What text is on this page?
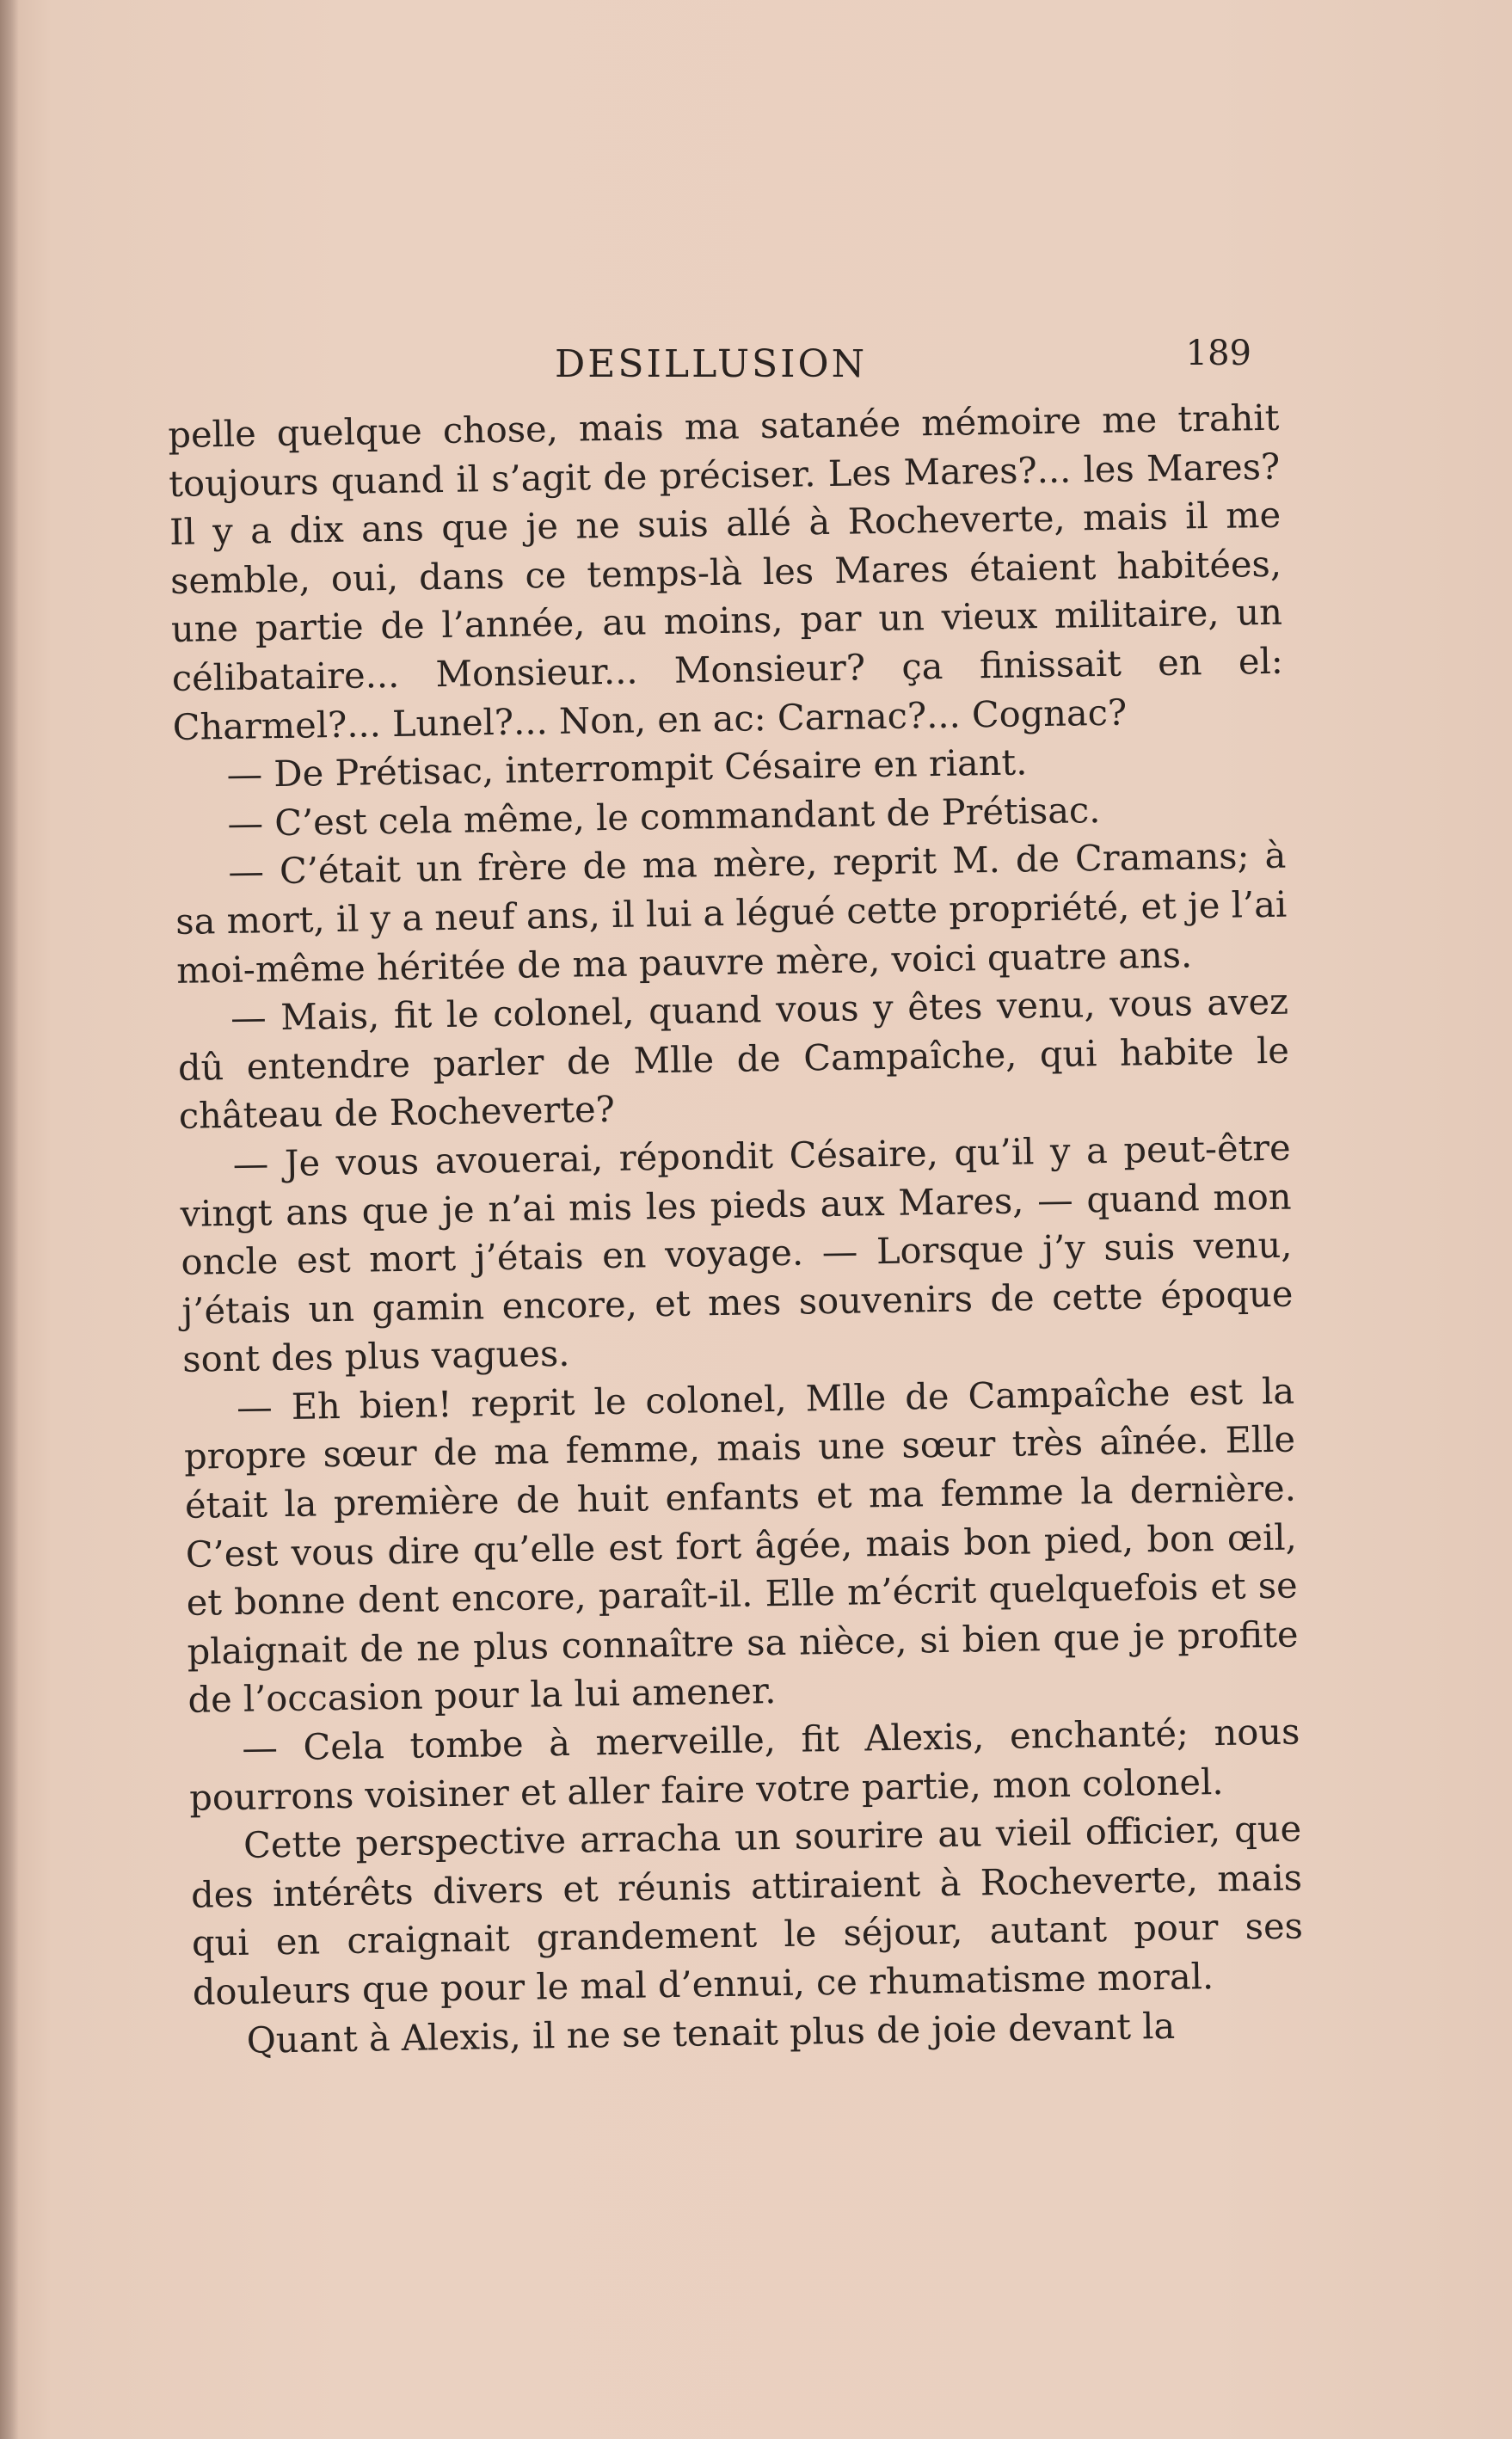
DESILLUSION	189

pelle quelque chose, mais ma satanée mémoire me trahit toujours quand il s’agit de préciser. Les Mares?... les Mares? Il y a dix ans que je ne suis allé à Rocheverte, mais il me semble, oui, dans ce temps-là les Mares étaient habitées, une partie de l’année, au moins, par un vieux militaire, un célibataire... Monsieur... Monsieur? ça finissait en el: Charmel?... Lunel?... Non, en ac: Carnac?... Cognac?

— De Prétisac, interrompit Césaire en riant.

— C’est cela même, le commandant de Prétisac.

— C’était un frère de ma mère, reprit M. de Cramans; à sa mort, il y a neuf ans, il lui a légué cette propriété, et je l’ai moi-même héritée de ma pauvre mère, voici quatre ans.

— Mais, fit le colonel, quand vous y êtes venu, vous avez dû entendre parler de Mlle de Campaîche, qui habite le château de Rocheverte?

— Je vous avouerai, répondit Césaire, qu’il y a peut-être vingt ans que je n’ai mis les pieds aux Mares, — quand mon oncle est mort j’étais en voyage. — Lorsque j’y suis venu, j’étais un gamin encore, et mes souvenirs de cette époque sont des plus vagues.

— Eh bien! reprit le colonel, Mlle de Campaîche est la propre sœur de ma femme, mais une sœur très aînée. Elle était la première de huit enfants et ma femme la dernière. C’est vous dire qu’elle est fort âgée, mais bon pied, bon œil, et bonne dent encore, paraît-il. Elle m’écrit quelquefois et se plaignait de ne plus connaître sa nièce, si bien que je profite de l’occasion pour la lui amener.

— Cela tombe à merveille, fit Alexis, enchanté; nous pourrons voisiner et aller faire votre partie, mon colonel.

Cette perspective arracha un sourire au vieil officier, que des intérêts divers et réunis attiraient à Rocheverte, mais qui en craignait grandement le séjour, autant pour ses douleurs que pour le mal d’ennui, ce rhumatisme moral.

Quant à Alexis, il ne se tenait plus de joie devant la
